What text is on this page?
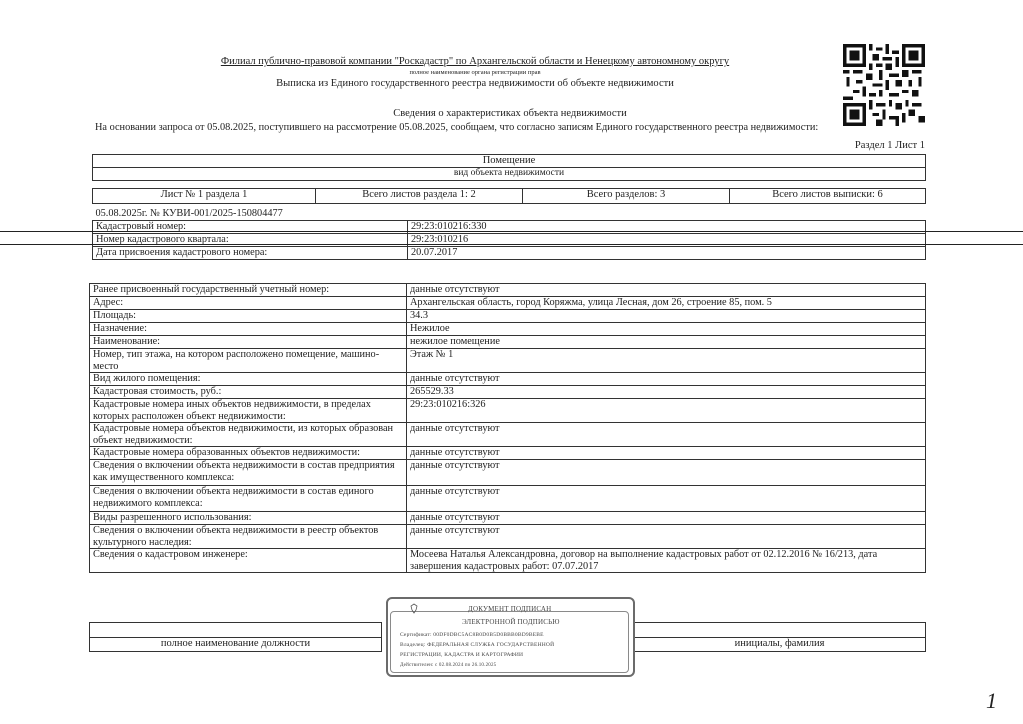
Филиал публично-правовой компании "Роскадастр" по Архангельской области и Ненецкому автономному округу
полное наименование органа регистрации прав
Выписка из Единого государственного реестра недвижимости об объекте недвижимости
Сведения о характеристиках объекта недвижимости
На основании запроса от 05.08.2025, поступившего на рассмотрение 05.08.2025, сообщаем, что согласно записям Единого государственного реестра недвижимости:
Раздел 1 Лист 1
Помещение
вид объекта недвижимости
Лист № 1 раздела 1	Всего листов раздела 1: 2	Всего разделов: 3	Всего листов выписки: 6
05.08.2025г. № КУВИ-001/2025-150804477	
Кадастровый номер:	29:23:010216:330
Номер кадастрового квартала:	29:23:010216
Дата присвоения кадастрового номера:	20.07.2017
Ранее присвоенный государственный учетный номер:	данные отсутствуют
Адрес:	Архангельская область, город Коряжма, улица Лесная, дом 26, строение 85, пом. 5
Площадь:	34.3
Назначение:	Нежилое
Наименование:	нежилое помещение
Номер, тип этажа, на котором расположено помещение, машино-место	Этаж № 1
Вид жилого помещения:	данные отсутствуют
Кадастровая стоимость, руб.:	265529.33
Кадастровые номера иных объектов недвижимости, в пределах которых расположен объект недвижимости:	29:23:010216:326
Кадастровые номера объектов недвижимости, из которых образован объект недвижимости:	данные отсутствуют
Кадастровые номера образованных объектов недвижимости:	данные отсутствуют
Сведения о включении объекта недвижимости в состав предприятия как имущественного комплекса:	данные отсутствуют
Сведения о включении объекта недвижимости в состав единого недвижимого комплекса:	данные отсутствуют
Виды разрешенного использования:	данные отсутствуют
Сведения о включении объекта недвижимости в реестр объектов культурного наследия:	данные отсутствуют
Сведения о кадастровом инженере:	Мосеева Наталья Александровна, договор на выполнение кадастровых работ от 02.12.2016 № 16/213, дата завершения кадастровых работ: 07.07.2017

полное наименование должности		инициалы, фамилия
ДОКУМЕНТ ПОДПИСАН
ЭЛЕКТРОННОЙ ПОДПИСЬЮ
Сертификат: 00DF0DBC5AC8B0D0B5D0BBB0BD9BEBE
Владелец: ФЕДЕРАЛЬНАЯ СЛУЖБА ГОСУДАРСТВЕННОЙ
РЕГИСТРАЦИИ, КАДАСТРА И КАРТОГРАФИИ
Действителен: с 02.08.2024 по 26.10.2025
1
